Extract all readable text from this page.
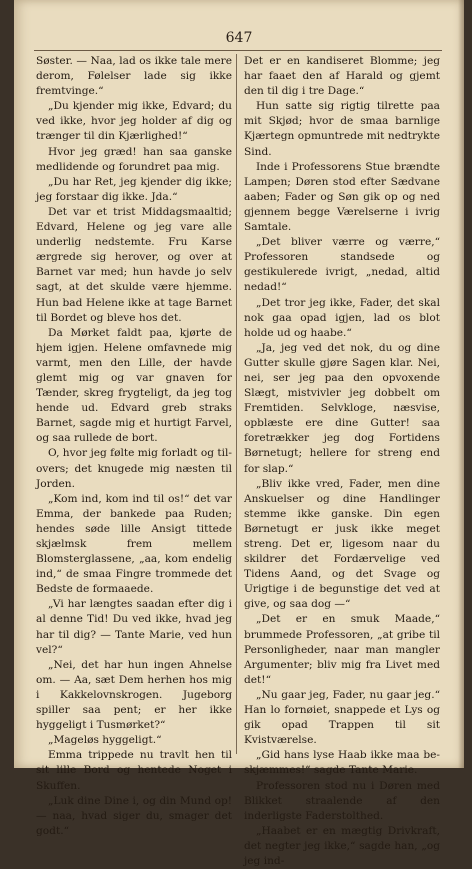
647

Søster. — Naa, lad os ikke tale mere derom, Følelser lade sig ikke fremtvinge.“

„Du kjender mig ikke, Edvard; du ved ikke, hvor jeg holder af dig og trænger til din Kjærlighed!“

Hvor jeg græd! han saa ganske medlidende og forundret paa mig.

„Du har Ret, jeg kjender dig ikke; jeg forstaar dig ikke. Jda.“

Det var et trist Middagsmaaltid; Edvard, Helene og jeg vare alle underlig nedstemte. Fru Karse ærgrede sig herover, og over at Barnet var med; hun havde jo selv sagt, at det skulde være hjemme. Hun bad Helene ikke at tage Barnet til Bordet og bleve hos det.

Da Mørket faldt paa, kjørte de hjem igjen. Helene omfavnede mig varmt, men den Lille, der havde glemt mig og var gnaven for Tænder, skreg frygteligt, da jeg tog hende ud. Edvard greb straks Barnet, sagde mig et hurtigt Farvel, og saa rullede de bort.

O, hvor jeg følte mig forladt og tilovers; det knugede mig næsten til Jorden.

„Kom ind, kom ind til os!“ det var Emma, der bankede paa Ruden; hendes søde lille Ansigt tittede skjælmsk frem mellem Blomsterglassene, „aa, kom endelig ind,“ de smaa Fingre trommede det Bedste de formaaede.

„Vi har længtes saadan efter dig i al denne Tid! Du ved ikke, hvad jeg har til dig? — Tante Marie, ved hun vel?“

„Nei, det har hun ingen Ahnelse om. — Aa, sæt Dem herhen hos mig i Kakkelovnskrogen. Jugeborg spiller saa pent; er her ikke hyggeligt i Tusmørket?“

„Mageløs hyggeligt.“

Emma trippede nu travlt hen til sit lille Bord og hentede Noget i Skuffen.

„Luk dine Dine i, og din Mund op! — naa, hvad siger du, smager det godt.“

Det er en kandiseret Blomme; jeg har faaet den af Harald og gjemt den til dig i tre Dage.“

Hun satte sig rigtig tilrette paa mit Skjød; hvor de smaa barnlige Kjærtegn opmuntrede mit nedtrykte Sind.

Inde i Professorens Stue brændte Lampen; Døren stod efter Sædvane aaben; Fader og Søn gik op og ned gjennem begge Værelserne i ivrig Samtale.

„Det bliver værre og værre,“ Professoren standsede og gestikulerede ivrigt, „nedad, altid nedad!“

„Det tror jeg ikke, Fader, det skal nok gaa opad igjen, lad os blot holde ud og haabe.“

„Ja, jeg ved det nok, du og dine Gutter skulle gjøre Sagen klar. Nei, nei, ser jeg paa den opvoxende Slægt, mistvivler jeg dobbelt om Fremtiden. Selvkloge, næsvise, opblæste ere dine Gutter! saa foretrækker jeg dog Fortidens Børnetugt; hellere for streng end for slap.“

„Bliv ikke vred, Fader, men dine Anskuelser og dine Handlinger stemme ikke ganske. Din egen Børnetugt er jusk ikke meget streng. Det er, ligesom naar du skildrer det Fordærvelige ved Tidens Aand, og det Svage og Urigtige i de begunstige det ved at give, og saa dog —“

„Det er en smuk Maade,“ brummede Professoren, „at gribe til Personligheder, naar man mangler Argumenter; bliv mig fra Livet med det!“

„Nu gaar jeg, Fader, nu gaar jeg.“ Han lo fornøiet, snappede et Lys og gik opad Trappen til sit Kvistværelse.

„Gid hans lyse Haab ikke maa beskjæmmes!“ sagde Tante Marie.

Professoren stod nu i Døren med Blikket straalende af den inderligste Faderstolthed.

„Haabet er en mægtig Drivkraft, det negter jeg ikke,“ sagde han, „og jeg ind-
